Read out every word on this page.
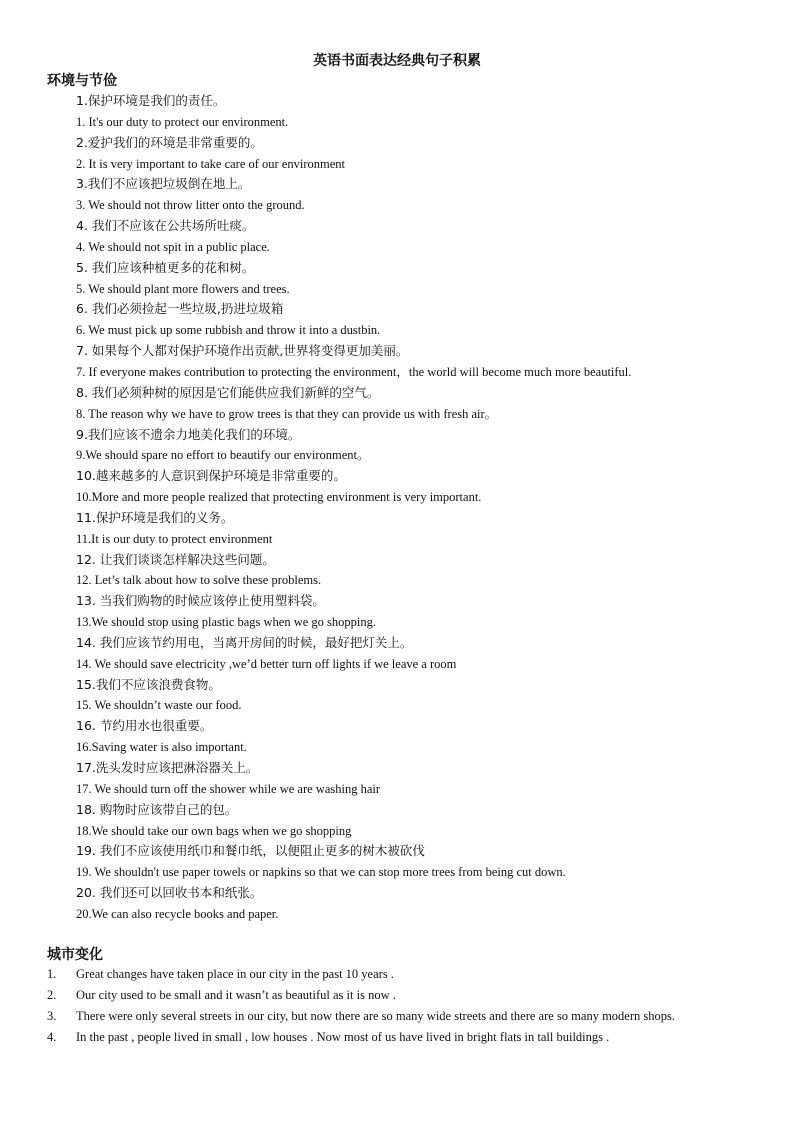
英语书面表达经典句子积累
环境与节俭
1.保护环境是我们的责任。
1. It's our duty to protect our environment.
2.爱护我们的环境是非常重要的。
2. It is very important to take care of our environment
3.我们不应该把垃圾倒在地上。
3. We should not throw litter onto the ground.
4. 我们不应该在公共场所吐痰。
4. We should not spit in a public place.
5. 我们应该种植更多的花和树。
5. We should plant more flowers and trees.
6. 我们必须捡起一些垃圾,扔进垃圾箱
6. We must pick up some rubbish and throw it into a dustbin.
7. 如果每个人都对保护环境作出贡献,世界将变得更加美丽。
7. If everyone makes contribution to protecting the environment，the world will become much more beautiful.
8. 我们必须种树的原因是它们能供应我们新鲜的空气。
8. The reason why we have to grow trees is that they can provide us with fresh air。
9.我们应该不遗余力地美化我们的环境。
9.We should spare no effort to beautify our environment。
10.越来越多的人意识到保护环境是非常重要的。
10.More and more people realized that protecting environment is very important.
11.保护环境是我们的义务。
11.It is our duty to protect environment
12. 让我们谈谈怎样解决这些问题。
12. Let’s talk about how to solve these problems.
13. 当我们购物的时候应该停止使用塑料袋。
13.We should stop using plastic bags when we go shopping.
14. 我们应该节约用电，当离开房间的时候，最好把灯关上。
14. We should save electricity ,we’d better turn off lights if we leave a room
15.我们不应该浪费食物。
15. We shouldn’t waste our food.
16. 节约用水也很重要。
16.Saving water is also important.
17.洗头发时应该把淋浴器关上。
17. We should turn off the shower while we are washing hair
18. 购物时应该带自己的包。
18.We should take our own bags when we go shopping
19. 我们不应该使用纸巾和餐巾纸，以便阻止更多的树木被砍伐
19. We shouldn't use paper towels or napkins so that we can stop more trees from being cut down.
20. 我们还可以回收书本和纸张。
20.We can also recycle books and paper.
城市变化
1. Great changes have taken place in our city in the past 10 years .
2. Our city used to be small and it wasn’t as beautiful as it is now .
3. There were only several streets in our city, but now there are so many wide streets and there are so many modern shops.
4. In the past , people lived in small , low houses . Now most of us have lived in bright flats in tall buildings .
